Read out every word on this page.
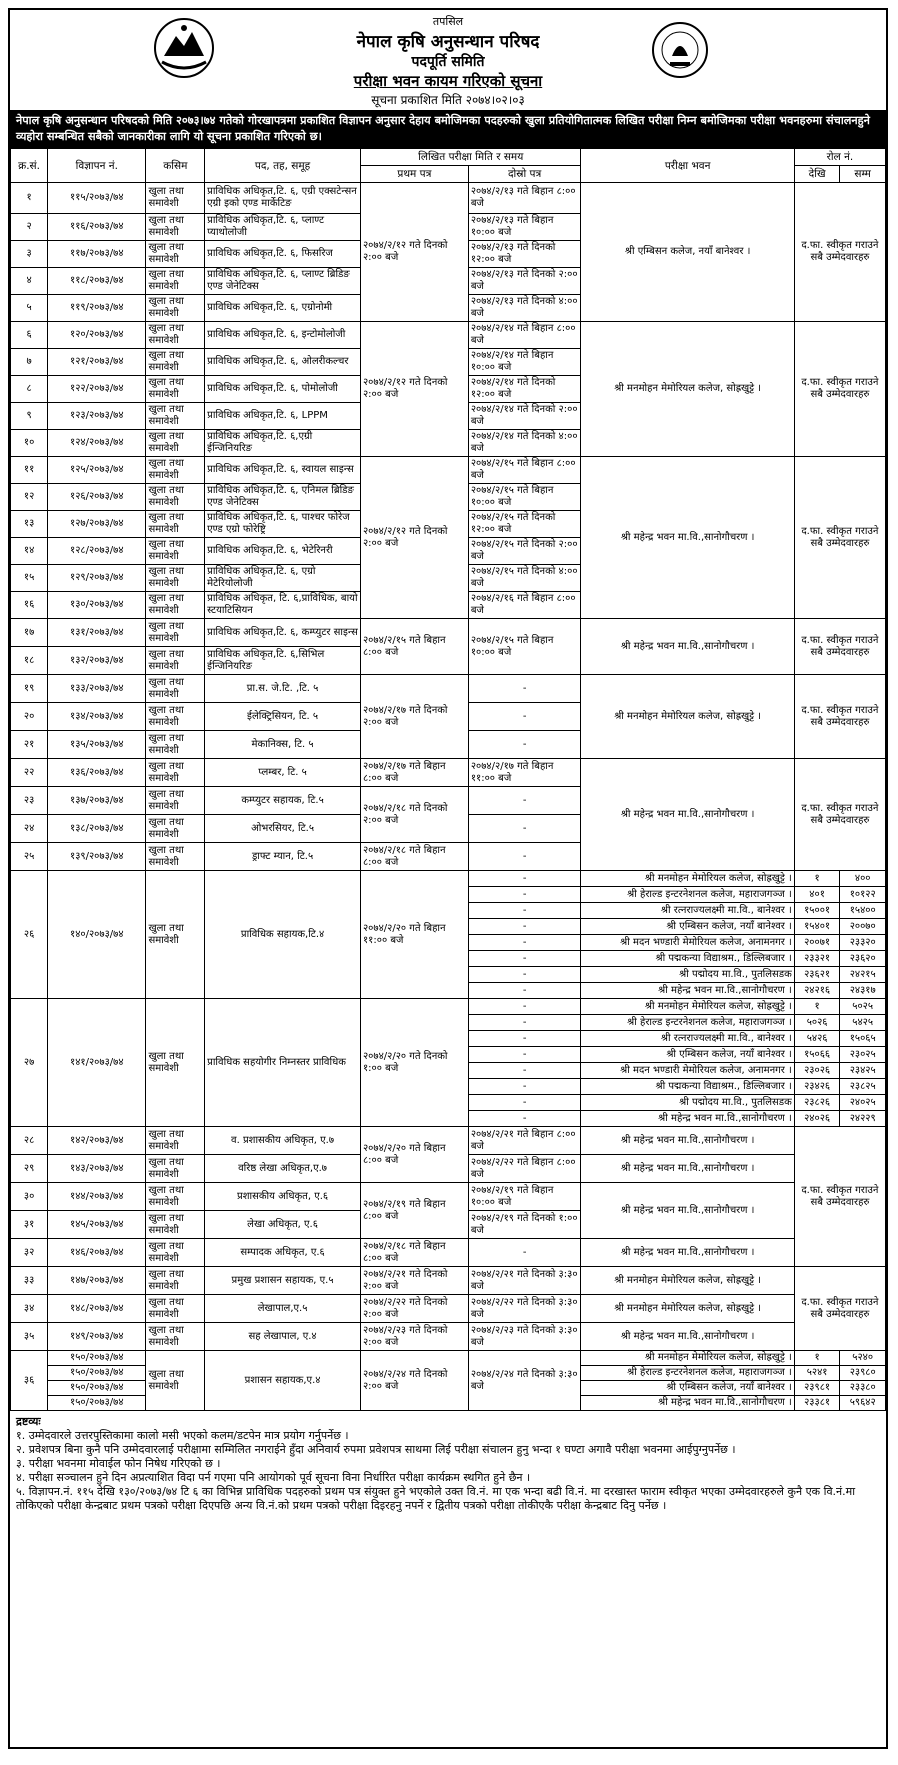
तपसिल
नेपाल कृषि अनुसन्धान परिषद
पदपूर्ति समिति
परीक्षा भवन कायम गरिएको सूचना
सूचना प्रकाशित मिति २०७४।०२।०३
नेपाल कृषि अनुसन्धान परिषदको मिति २०७३।७४ गतेको गोरखापत्रमा प्रकाशित विज्ञापन अनुसार देहाय बमोजिमका पदहरुको खुला प्रतियोगितात्मक लिखित परीक्षा निम्न बमोजिमका परीक्षा भवनहरुमा संचालनहुने व्यहोरा सम्बन्धित सबैको जानकारीका लागि यो सूचना प्रकाशित गरिएको छ।
क्र.सं.	विज्ञापन नं.	कसिम	पद, तह, समूह	लिखित परीक्षा मिति र समय		परीक्षा भवन	रोल नं.	
				प्रथम पत्र	दोस्रो पत्र		देखि	सम्म
१	११५/२०७३/७४	खुला तथा समावेशी	प्राविधिक अधिकृत,टि. ६, एग्री एक्सटेन्सन एग्री इको एण्ड मार्केटिङ	२०७४/२/१२ गते दिनको २:०० बजे	२०७४/२/१३ गते बिहान ८:०० बजे	श्री एम्बिसन कलेज, नयाँ बानेश्वर ।	द.फा. स्वीकृत गराउने सबै उम्मेदवारहरु	
२	११६/२०७३/७४	खुला तथा समावेशी	प्राविधिक अधिकृत,टि. ६, प्लाण्ट प्याथोलोजी		२०७४/२/१३ गते बिहान १०:०० बजे			
३	११७/२०७३/७४	खुला तथा समावेशी	प्राविधिक अधिकृत,टि. ६, फिसरिज		२०७४/२/१३ गते दिनको १२:०० बजे			
४	११८/२०७३/७४	खुला तथा समावेशी	प्राविधिक अधिकृत,टि. ६, प्लाण्ट ब्रिडिङ एण्ड जेनेटिक्स		२०७४/२/१३ गते दिनको २:०० बजे			
५	११९/२०७३/७४	खुला तथा समावेशी	प्राविधिक अधिकृत,टि. ६, एग्रोनोमी		२०७४/२/१३ गते दिनको ४:०० बजे			
६	१२०/२०७३/७४	खुला तथा समावेशी	प्राविधिक अधिकृत,टि. ६, इन्टोमोलोजी	२०७४/२/१२ गते दिनको २:०० बजे	२०७४/२/१४ गते बिहान ८:०० बजे	श्री मनमोहन मेमोरियल कलेज, सोह्रखुट्टे ।	द.फा. स्वीकृत गराउने सबै उम्मेदवारहरु	
७	१२१/२०७३/७४	खुला तथा समावेशी	प्राविधिक अधिकृत,टि. ६, ओलरीकल्चर		२०७४/२/१४ गते बिहान १०:०० बजे			
८	१२२/२०७३/७४	खुला तथा समावेशी	प्राविधिक अधिकृत,टि. ६, पोमोलोजी		२०७४/२/१४ गते दिनको १२:०० बजे			
९	१२३/२०७३/७४	खुला तथा समावेशी	प्राविधिक अधिकृत,टि. ६, LPPM		२०७४/२/१४ गते दिनको २:०० बजे			
१०	१२४/२०७३/७४	खुला तथा समावेशी	प्राविधिक अधिकृत,टि. ६,एग्री ईन्जिनियरिङ		२०७४/२/१४ गते दिनको ४:०० बजे			
११	१२५/२०७३/७४	खुला तथा समावेशी	प्राविधिक अधिकृत,टि. ६, स्वायल साइन्स	२०७४/२/१२ गते दिनको २:०० बजे	२०७४/२/१५ गते बिहान ८:०० बजे	श्री महेन्द्र भवन मा.वि.,सानोगौचरण ।	द.फा. स्वीकृत गराउने सबै उम्मेदवारहरु	
१२	१२६/२०७३/७४	खुला तथा समावेशी	प्राविधिक अधिकृत,टि. ६, एनिमल ब्रिडिङ एण्ड जेनेटिक्स		२०७४/२/१५ गते बिहान १०:०० बजे			
१३	१२७/२०७३/७४	खुला तथा समावेशी	प्राविधिक अधिकृत,टि. ६, पाश्चर फोरेज एण्ड एग्रो फोरेष्ट्रि		२०७४/२/१५ गते दिनको १२:०० बजे			
१४	१२८/२०७३/७४	खुला तथा समावेशी	प्राविधिक अधिकृत,टि. ६, भेटेरिनरी		२०७४/२/१५ गते दिनको २:०० बजे			
१५	१२९/२०७३/७४	खुला तथा समावेशी	प्राविधिक अधिकृत,टि. ६, एग्रो मेटेरियोलोजी		२०७४/२/१५ गते दिनको ४:०० बजे			
१६	१३०/२०७३/७४	खुला तथा समावेशी	प्राविधिक अधिकृत, टि. ६,प्राविधिक, बायो स्टयाटिसियन		२०७४/२/१६ गते बिहान ८:०० बजे			
१७	१३१/२०७३/७४	खुला तथा समावेशी	प्राविधिक अधिकृत,टि. ६, कम्प्युटर साइन्स	२०७४/२/१५ गते बिहान ८:०० बजे	२०७४/२/१५ गते बिहान १०:०० बजे	श्री महेन्द्र भवन मा.वि.,सानोगौचरण ।	द.फा. स्वीकृत गराउने सबै उम्मेदवारहरु	
१८	१३२/२०७३/७४	खुला तथा समावेशी	प्राविधिक अधिकृत,टि. ६,सिभिल ईन्जिनियरिङ					
१९	१३३/२०७३/७४	खुला तथा समावेशी	प्रा.स. जे.टि. ,टि. ५	२०७४/२/१७ गते दिनको २:०० बजे	-	श्री मनमोहन मेमोरियल कलेज, सोह्रखुट्टे ।	द.फा. स्वीकृत गराउने सबै उम्मेदवारहरु	
२०	१३४/२०७३/७४	खुला तथा समावेशी	ईलेक्ट्रिसियन, टि. ५		-			
२१	१३५/२०७३/७४	खुला तथा समावेशी	मेकानिक्स, टि. ५		-			
२२	१३६/२०७३/७४	खुला तथा समावेशी	प्लम्बर, टि. ५	२०७४/२/१७ गते बिहान ८:०० बजे	२०७४/२/१७ गते बिहान ११:०० बजे	श्री महेन्द्र भवन मा.वि.,सानोगौचरण ।	द.फा. स्वीकृत गराउने सबै उम्मेदवारहरु	
२३	१३७/२०७३/७४	खुला तथा समावेशी	कम्प्युटर सहायक, टि.५	२०७४/२/१८ गते दिनको २:०० बजे	-			
२४	१३८/२०७३/७४	खुला तथा समावेशी	ओभरसियर, टि.५		-			
२५	१३९/२०७३/७४	खुला तथा समावेशी	ड्राफ्ट म्यान, टि.५	२०७४/२/१८ गते बिहान ८:०० बजे	-			
२६	१४०/२०७३/७४	खुला तथा समावेशी	प्राविधिक सहायक,टि.४	२०७४/२/२० गते बिहान ११:०० बजे	-	श्री मनमोहन मेमोरियल कलेज, सोह्रखुट्टे ।	१	४००
					-	श्री हेराल्ड इन्टरनेशनल कलेज, महाराजगञ्ज ।	४०१	१०१२२
					-	श्री रत्नराज्यलक्ष्मी मा.वि., बानेश्वर ।	१५००१	१५४००
					-	श्री एम्बिसन कलेज, नयाँ बानेश्वर ।	१५४०१	२००७०
					-	श्री मदन भण्डारी मेमोरियल कलेज, अनामनगर ।	२००७१	२३३२०
					-	श्री पद्मकन्या विद्याश्रम., डिल्लिबजार ।	२३३२१	२३६२०
					-	श्री पद्मोदय मा.वि., पुतलिसडक	२३६२१	२४२१५
					-	श्री महेन्द्र भवन मा.वि.,सानोगौचरण ।	२४२१६	२४३१७
२७	१४१/२०७३/७४	खुला तथा समावेशी	प्राविधिक सहयोगीर निम्नस्तर प्राविधिक	२०७४/२/२० गते दिनको १:०० बजे	-	श्री मनमोहन मेमोरियल कलेज, सोह्रखुट्टे ।	१	५०२५
					-	श्री हेराल्ड इन्टरनेशनल कलेज, महाराजगञ्ज ।	५०२६	५४२५
					-	श्री रत्नराज्यलक्ष्मी मा.वि., बानेश्वर ।	५४२६	१५०६५
					-	श्री एम्बिसन कलेज, नयाँ बानेश्वर ।	१५०६६	२३०२५
					-	श्री मदन भण्डारी मेमोरियल कलेज, अनामनगर ।	२३०२६	२३४२५
					-	श्री पद्मकन्या विद्याश्रम., डिल्लिबजार ।	२३४२६	२३८२५
					-	श्री पद्मोदय मा.वि., पुतलिसडक	२३८२६	२४०२५
					-	श्री महेन्द्र भवन मा.वि.,सानोगौचरण ।	२४०२६	२४२२९
२८	१४२/२०७३/७४	खुला तथा समावेशी	व. प्रशासकीय अधिकृत, ए.७	२०७४/२/२० गते बिहान ८:०० बजे	२०७४/२/२१ गते बिहान ८:०० बजे	श्री महेन्द्र भवन मा.वि.,सानोगौचरण ।	द.फा. स्वीकृत गराउने सबै उम्मेदवारहरु	
२९	१४३/२०७३/७४	खुला तथा समावेशी	वरिष्ठ लेखा अधिकृत,ए.७		२०७४/२/२२ गते बिहान ८:०० बजे	श्री महेन्द्र भवन मा.वि.,सानोगौचरण ।		
३०	१४४/२०७३/७४	खुला तथा समावेशी	प्रशासकीय अधिकृत, ए.६	२०७४/२/१९ गते बिहान ८:०० बजे	२०७४/२/१९ गते बिहान १०:०० बजे	श्री महेन्द्र भवन मा.वि.,सानोगौचरण ।		
३१	१४५/२०७३/७४	खुला तथा समावेशी	लेखा अधिकृत, ए.६		२०७४/२/१९ गते दिनको १:०० बजे			
३२	१४६/२०७३/७४	खुला तथा समावेशी	सम्पादक अधिकृत, ए.६	२०७४/२/१८ गते बिहान ८:०० बजे	-	श्री महेन्द्र भवन मा.वि.,सानोगौचरण ।		
३३	१४७/२०७३/७४	खुला तथा समावेशी	प्रमुख प्रशासन सहायक, ए.५	२०७४/२/२१ गते दिनको २:०० बजे	२०७४/२/२१ गते दिनको ३:३० बजे	श्री मनमोहन मेमोरियल कलेज, सोह्रखुट्टे ।	द.फा. स्वीकृत गराउने सबै उम्मेदवारहरु	
३४	१४८/२०७३/७४	खुला तथा समावेशी	लेखापाल,ए.५	२०७४/२/२२ गते दिनको २:०० बजे	२०७४/२/२२ गते दिनको ३:३० बजे	श्री मनमोहन मेमोरियल कलेज, सोह्रखुट्टे ।		
३५	१४९/२०७३/७४	खुला तथा समावेशी	सह लेखापाल, ए.४	२०७४/२/२३ गते दिनको २:०० बजे	२०७४/२/२३ गते दिनको ३:३० बजे	श्री महेन्द्र भवन मा.वि.,सानोगौचरण ।		
३६	१५०/२०७३/७४	खुला तथा समावेशी	प्रशासन सहायक,ए.४	२०७४/२/२४ गते दिनको २:०० बजे	२०७४/२/२४ गते दिनको ३:३० बजे	श्री मनमोहन मेमोरियल कलेज, सोह्रखुट्टे ।	१	५२४०
	१५०/२०७३/७४					श्री हेराल्ड इन्टरनेशनल कलेज, महाराजगञ्ज ।	५२४१	२३९८०
	१५०/२०७३/७४					श्री एम्बिसन कलेज, नयाँ बानेश्वर ।	२३९८१	२३३८०
	१५०/२०७३/७४					श्री महेन्द्र भवन मा.वि.,सानोगौचरण ।	२३३८१	५९६४२
द्रष्टव्यः
१. उम्मेदवारले उत्तरपुस्तिकामा कालो मसी भएको कलम/डटपेन मात्र प्रयोग गर्नुपर्नेछ ।
२. प्रवेशपत्र बिना कुनै पनि उम्मेदवारलाई परीक्षामा सम्मिलित नगराईने हुँदा अनिवार्य रुपमा प्रवेशपत्र साथमा लिई परीक्षा संचालन हुनु भन्दा १ घण्टा अगावै परीक्षा भवनमा आईपुग्नुपर्नेछ ।
३. परीक्षा भवनमा मोवाईल फोन निषेध गरिएको छ ।
४. परीक्षा सञ्चालन हुने दिन अप्रत्याशित विदा पर्न गएमा पनि आयोगको पूर्व सूचना विना निर्धारित परीक्षा कार्यक्रम स्थगित हुने छैन ।
५. विज्ञापन.नं. ११५ देखि १३०/२०७३/७४ टि ६ का विभिन्न प्राविधिक पदहरुको प्रथम पत्र संयुक्त हुने भएकोले उक्त वि.नं. मा एक भन्दा बढी वि.नं. मा दरखास्त फाराम स्वीकृत भएका उम्मेदवारहरुले कुनै एक वि.नं.मा तोकिएको परीक्षा केन्द्रबाट प्रथम पत्रको परीक्षा दिएपछि अन्य वि.नं.को प्रथम पत्रको परीक्षा दिइरहनु नपर्ने र द्वितीय पत्रको परीक्षा तोकीएकै परीक्षा केन्द्रबाट दिनु पर्नेछ ।
